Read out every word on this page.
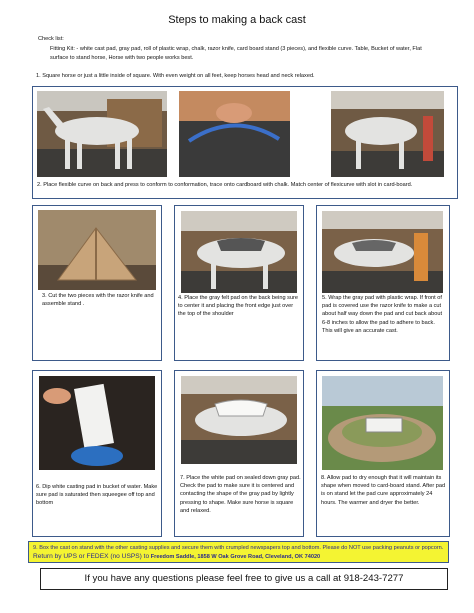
Steps to making a back cast
Check list:
Fitting Kit: - white cast pad, gray pad, roll of plastic wrap, chalk, razor knife, card board stand (3 pieces), and flexible curve. Table, Bucket of water, Flat surface to stand horse, Horse with two people works best.
1. Square horse or just a little inside of square. With even weight on all feet, keep horses head and neck relaxed.
2. Place flexible curve on back and press to conform to conformation, trace onto cardboard with chalk. Match center of flexicurve with slot in card-board.
3. Cut the two pieces with the razor knife and assemble stand .
4. Place the gray felt pad on the back being sure to center it and placing the front edge just over the top of the shoulder
5. Wrap the gray pad with plastic wrap. If front of pad is covered use the razor knife to make a cut about half way down the pad and cut back about 6-8 inches to allow the pad to adhere to back. This will give an accurate cast.
6. Dip white casting pad in bucket of water. Make sure pad is saturated then squeegee off top and bottom
7. Place the white pad on sealed down gray pad. Check the pad to make sure it is centered and contacting the shape of the gray pad by lightly pressing to shape. Make sure horse is square and relaxed.
8. Allow pad to dry enough that it will maintain its shape when moved to card-board stand. After pad is on stand let the pad cure approximately 24 hours. The warmer and dryer the better.
9. Box the cast on stand with the other casting supplies and secure them with crumpled newspapers top and bottom. Please do NOT use packing peanuts or popcorn. Return by UPS or FEDEX (no USPS) to Freedom Saddle, 1858 W Oak Grove Road, Cleveland, OK 74020
If you have any questions please feel free to give us a call at 918-243-7277
